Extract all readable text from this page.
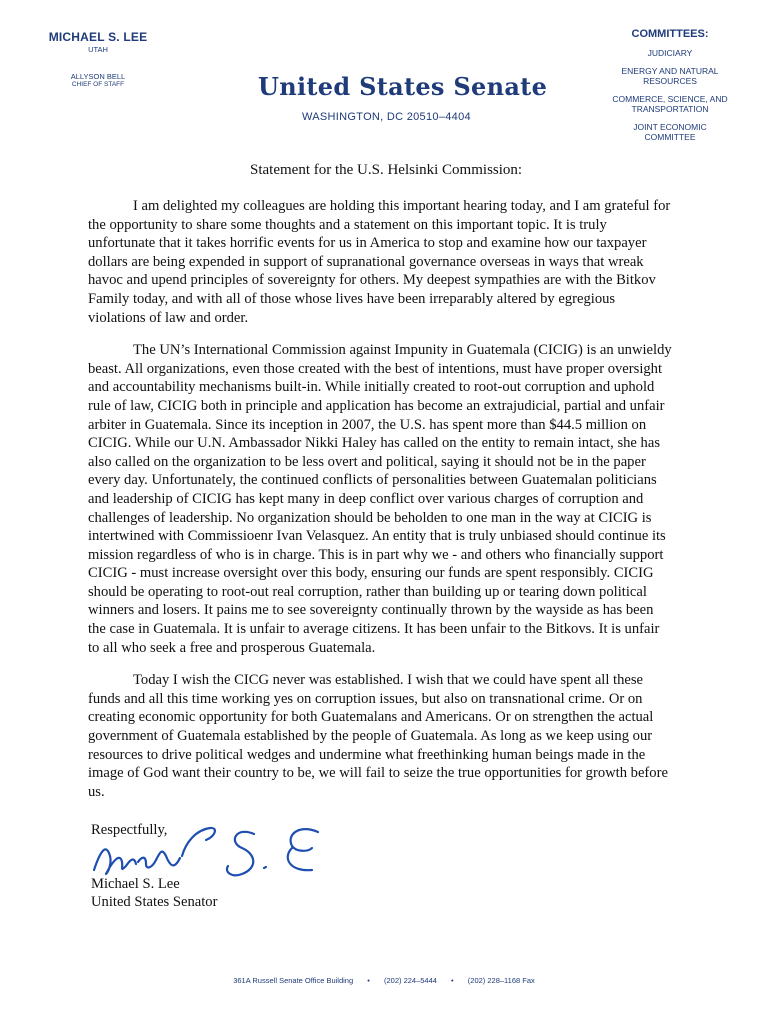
MICHAEL S. LEE
UTAH
ALLYSON BELL
CHIEF OF STAFF	United States Senate
WASHINGTON, DC 20510–4404
COMMITTEES:
JUDICIARY
ENERGY AND NATURAL RESOURCES
COMMERCE, SCIENCE, AND TRANSPORTATION
JOINT ECONOMIC COMMITTEE
Statement for the U.S. Helsinki Commission:

I am delighted my colleagues are holding this important hearing today, and I am grateful for the opportunity to share some thoughts and a statement on this important topic. It is truly unfortunate that it takes horrific events for us in America to stop and examine how our taxpayer dollars are being expended in support of supranational governance overseas in ways that wreak havoc and upend principles of sovereignty for others. My deepest sympathies are with the Bitkov Family today, and with all of those whose lives have been irreparably altered by egregious violations of law and order.

The UN’s International Commission against Impunity in Guatemala (CICIG) is an unwieldy beast. All organizations, even those created with the best of intentions, must have proper oversight and accountability mechanisms built-in. While initially created to root-out corruption and uphold rule of law, CICIG both in principle and application has become an extrajudicial, partial and unfair arbiter in Guatemala. Since its inception in 2007, the U.S. has spent more than $44.5 million on CICIG. While our U.N. Ambassador Nikki Haley has called on the entity to remain intact, she has also called on the organization to be less overt and political, saying it should not be in the paper every day. Unfortunately, the continued conflicts of personalities between Guatemalan politicians and leadership of CICIG has kept many in deep conflict over various charges of corruption and challenges of leadership. No organization should be beholden to one man in the way at CICIG is intertwined with Commissioenr Ivan Velasquez. An entity that is truly unbiased should continue its mission regardless of who is in charge. This is in part why we - and others who financially support CICIG - must increase oversight over this body, ensuring our funds are spent responsibly. CICIG should be operating to root-out real corruption, rather than building up or tearing down political winners and losers. It pains me to see sovereignty continually thrown by the wayside as has been the case in Guatemala. It is unfair to average citizens. It has been unfair to the Bitkovs. It is unfair to all who seek a free and prosperous Guatemala.

Today I wish the CICG never was established. I wish that we could have spent all these funds and all this time working yes on corruption issues, but also on transnational crime. Or on creating economic opportunity for both Guatemalans and Americans. Or on strengthen the actual government of Guatemala established by the people of Guatemala. As long as we keep using our resources to drive political wedges and undermine what freethinking human beings made in the image of God want their country to be, we will fail to seize the true opportunities for growth before us.

Respectfully,
Michael S. Lee
United States Senator
361A Russell Senate Office Building • (202) 224–5444 • (202) 228–1168 Fax
